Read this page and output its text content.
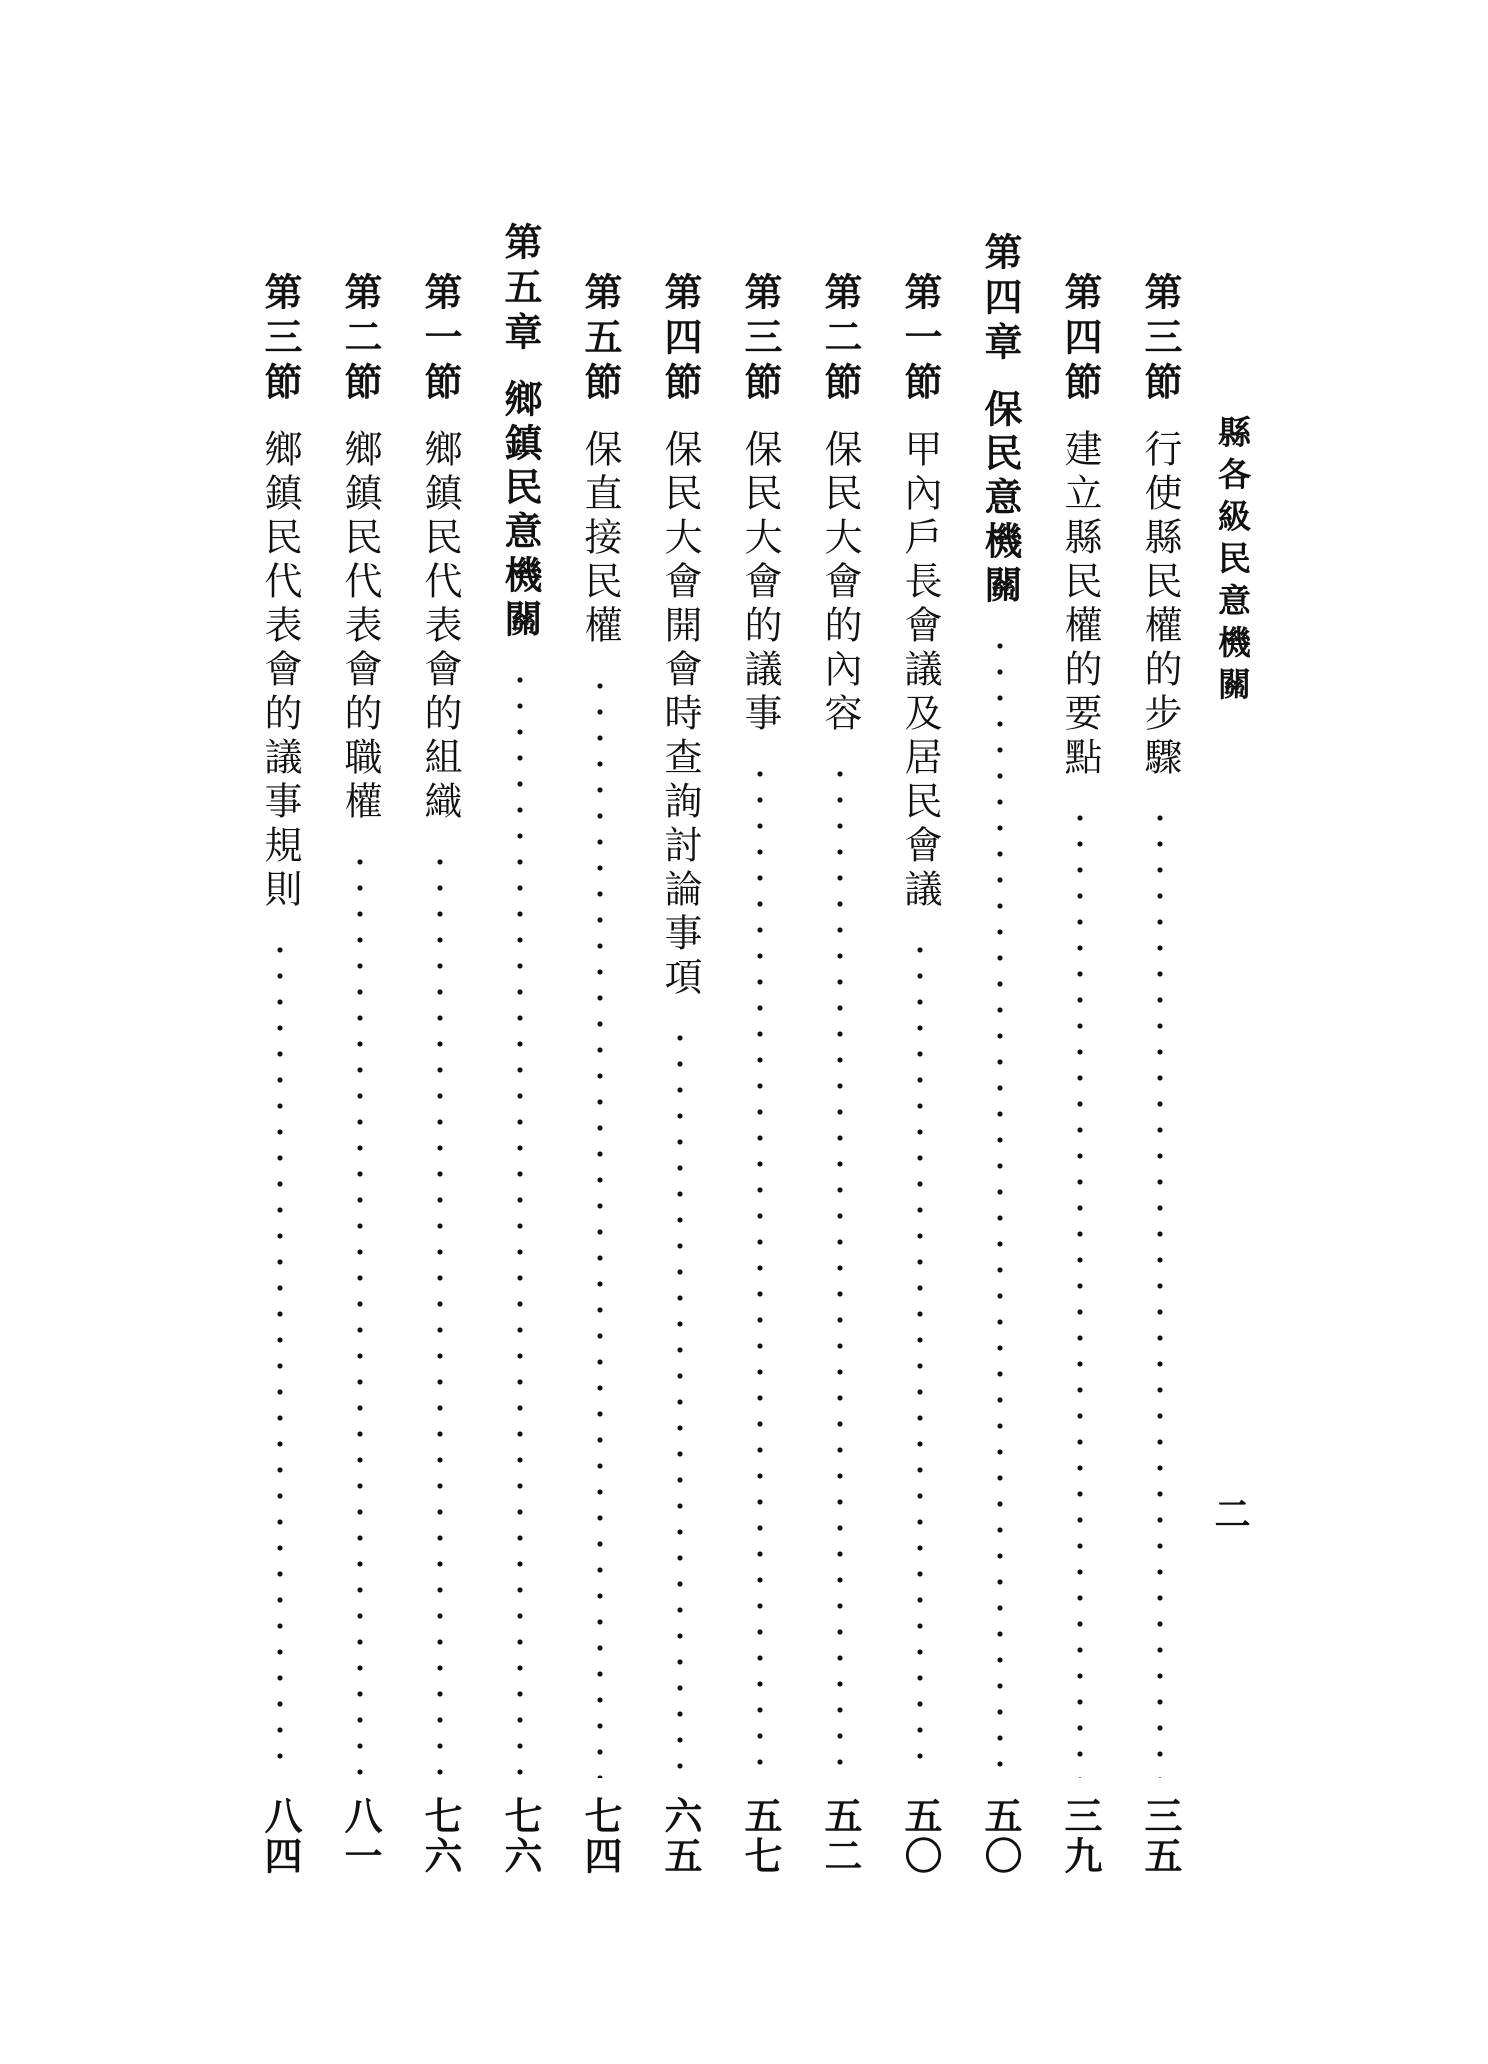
縣各級民意機關
二
第三節
行使縣民權的步驟
三五
第四節
建立縣民權的要點
三九
第四章
保民意機關
五〇
第一節
甲內戶長會議及居民會議
五〇
第二節
保民大會的內容
五二
第三節
保民大會的議事
五七
第四節
保民大會開會時查詢討論事項
六五
第五節
保直接民權
七四
第五章
鄉鎮民意機關
七六
第一節
鄉鎮民代表會的組織
七六
第二節
鄉鎮民代表會的職權
八一
第三節
鄉鎮民代表會的議事規則
八四
